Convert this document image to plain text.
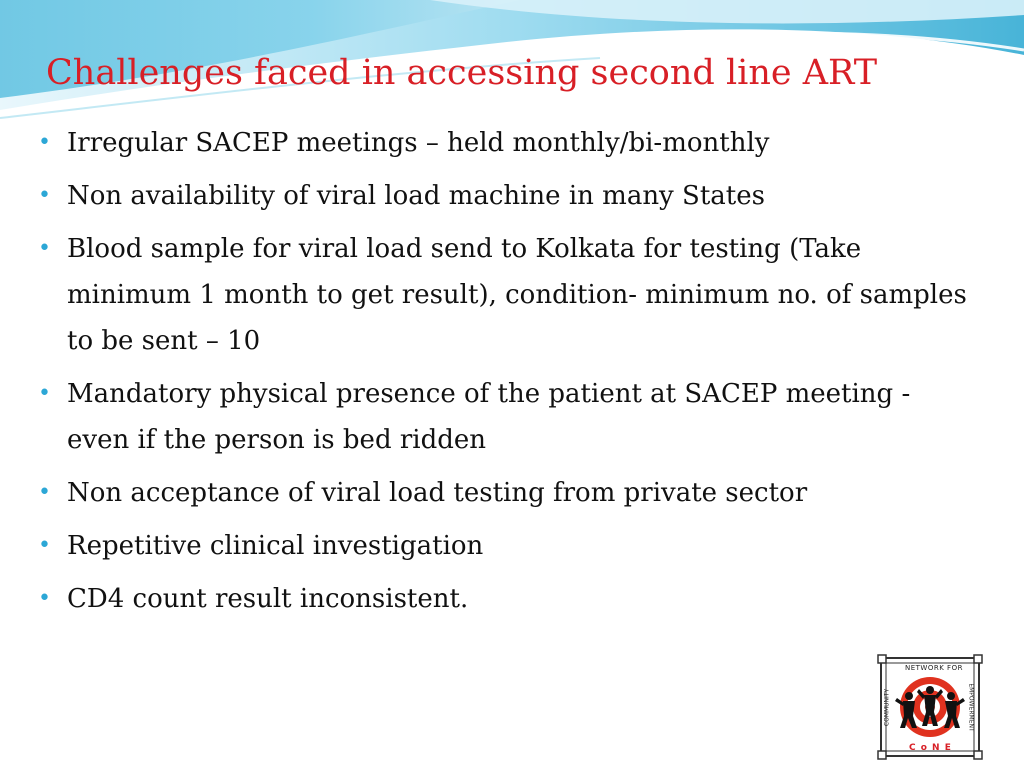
Challenges faced in accessing second line ART
• Irregular SACEP meetings – held monthly/bi-monthly
• Non availability of viral load machine in many States
• Blood sample for viral load send to Kolkata for testing (Take minimum 1 month to get result), condition- minimum no. of samples to be sent – 10
• Mandatory physical presence of the patient at SACEP meeting - even if the person is bed ridden
• Non acceptance of viral load testing from private sector
• Repetitive clinical investigation
• CD4 count result inconsistent.
NETWORK FOR
COMMUNITY	EMPOWERMENT
C o N E
